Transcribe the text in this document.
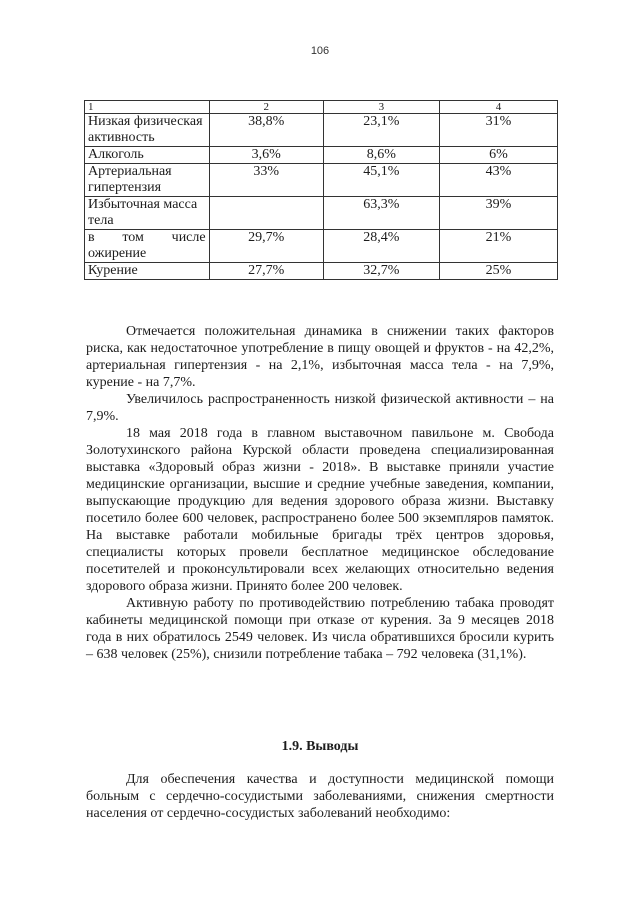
106
1	2	3	4
Низкая физическая активность	38,8%	23,1%	31%
Алкоголь	3,6%	8,6%	6%
Артериальная гипертензия	33%	45,1%	43%
Избыточная масса тела		63,3%	39%
в том числе ожирение	29,7%	28,4%	21%
Курение	27,7%	32,7%	25%

Отмечается положительная динамика в снижении таких факторов риска, как недостаточное употребление в пищу овощей и фруктов - на 42,2%, артериальная гипертензия - на 2,1%, избыточная масса тела - на 7,9%, курение - на 7,7%.

Увеличилось распространенность низкой физической активности – на 7,9%.

18 мая 2018 года в главном выставочном павильоне м. Свобода Золотухинского района Курской области проведена специализированная выставка «Здоровый образ жизни - 2018». В выставке приняли участие медицинские организации, высшие и средние учебные заведения, компании, выпускающие продукцию для ведения здорового образа жизни. Выставку посетило более 600 человек, распространено более 500 экземпляров памяток. На выставке работали мобильные бригады трёх центров здоровья, специалисты которых провели бесплатное медицинское обследование посетителей и проконсультировали всех желающих относительно ведения здорового образа жизни. Принято более 200 человек.

Активную работу по противодействию потреблению табака проводят кабинеты медицинской помощи при отказе от курения. За 9 месяцев 2018 года в них обратилось 2549 человек. Из числа обратившихся бросили курить – 638 человек (25%), снизили потребление табака – 792 человека (31,1%).

1.9. Выводы

Для обеспечения качества и доступности медицинской помощи больным с сердечно-сосудистыми заболеваниями, снижения смертности населения от сердечно-сосудистых заболеваний необходимо:
